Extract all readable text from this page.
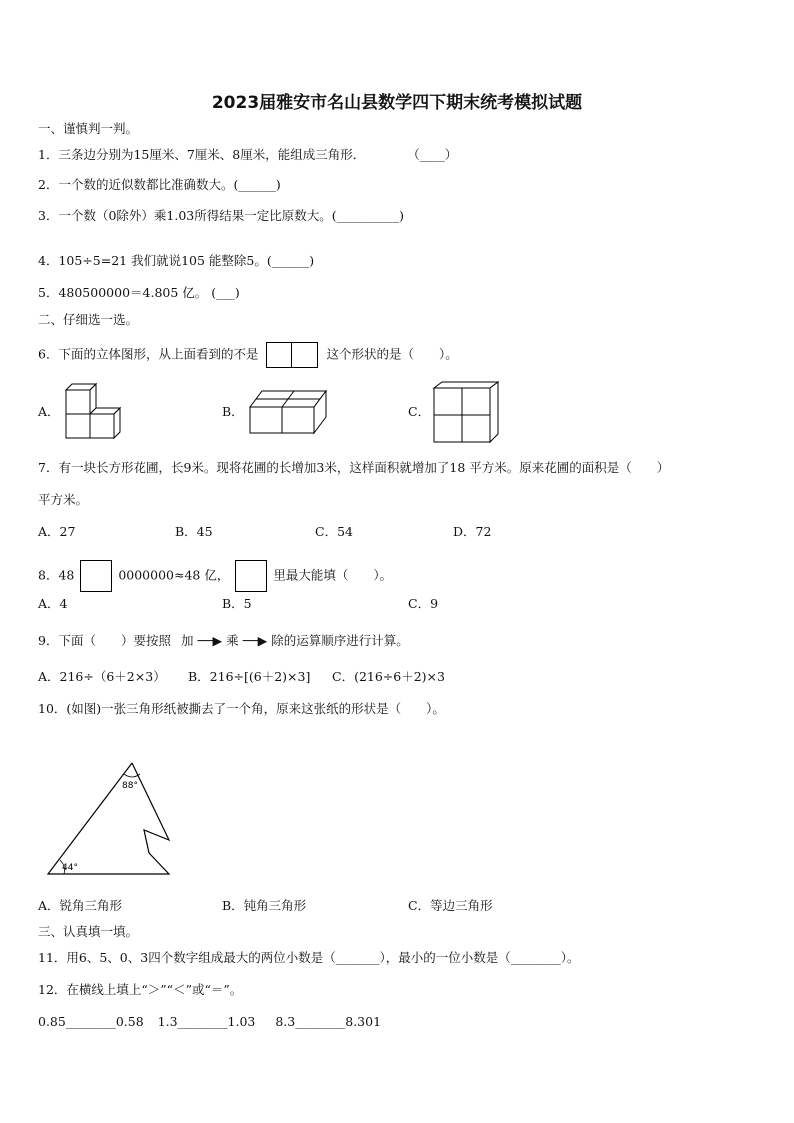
2023届雅安市名山县数学四下期末统考模拟试题
一、谨慎判一判。
1．三条边分别为15厘米、7厘米、8厘米，能组成三角形．	（____）
2．一个数的近似数都比准确数大。(______)
3．一个数（0除外）乘1.03所得结果一定比原数大。(__________)
4．105÷5=21 我们就说105 能整除5。(______)
5．480500000＝4.805 亿。 (___)
二、仔细选一选。
6．下面的立体图形，从上面看到的不是	这个形状的是（　　）。
A．	B．	C．
7．有一块长方形花圃，长9米。现将花圃的长增加3米，这样面积就增加了18 平方米。原来花圃的面积是（　　）
平方米。
A．27	B．45	C．54	D．72
8．48	0000000≈48 亿，	里最大能填（　　）。
A．4	B．5	C．9
9．下面（　　）要按照 加 ──▶ 乘 ──▶ 除的运算顺序进行计算。
A．216÷（6＋2×3） B．216÷[(6＋2)×3] C．(216÷6＋2)×3
10．(如图)一张三角形纸被撕去了一个角，原来这张纸的形状是（　　）。
88°
44°
A．锐角三角形	B．钝角三角形	C．等边三角形
三、认真填一填。
11．用6、5、0、3四个数字组成最大的两位小数是（_______），最小的一位小数是（________）。
12．在横线上填上“＞”“＜”或“＝”。
0.85________0.58 1.3________1.03 8.3________8.301
